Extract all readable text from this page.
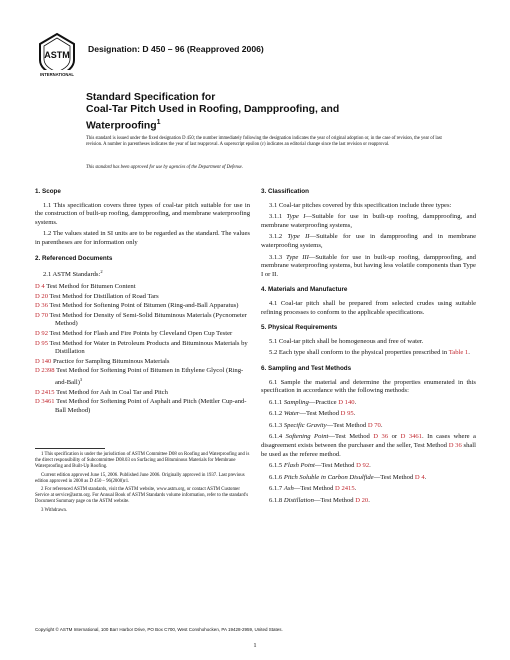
ASTM
INTERNATIONAL
Designation: D 450 – 96 (Reapproved 2006)
Standard Specification for
Coal-Tar Pitch Used in Roofing, Dampproofing, and
Waterproofing$^1$
This standard is issued under the fixed designation D 450; the number immediately following the designation indicates the year of original adoption or, in the case of revision, the year of last revision. A number in parentheses indicates the year of last reapproval. A superscript epsilon (ε) indicates an editorial change since the last revision or reapproval.
This standard has been approved for use by agencies of the Department of Defense.
1. Scope

1.1 This specification covers three types of coal-tar pitch suitable for use in the construction of built-up roofing, dampproofing, and membrane waterproofing systems.

1.2 The values stated in SI units are to be regarded as the standard. The values in parentheses are for information only

2. Referenced Documents

2.1 ASTM Standards:$^2$

D 4 Test Method for Bitumen Content
D 20 Test Method for Distillation of Road Tars
D 36 Test Method for Softening Point of Bitumen (Ring-and-Ball Apparatus)
D 70 Test Method for Density of Semi-Solid Bituminous Materials (Pycnometer Method)
D 92 Test Method for Flash and Fire Points by Cleveland Open Cup Tester
D 95 Test Method for Water in Petroleum Products and Bituminous Materials by Distillation
D 140 Practice for Sampling Bituminous Materials
D 2398 Test Method for Softening Point of Bitumen in Ethylene Glycol (Ring-and-Ball)$^3$
D 2415 Test Method for Ash in Coal Tar and Pitch
D 3461 Test Method for Softening Point of Asphalt and Pitch (Mettler Cup-and-Ball Method)
3. Classification

3.1 Coal-tar pitches covered by this specification include three types:

3.1.1 Type I—Suitable for use in built-up roofing, dampproofing, and membrane waterproofing systems,

3.1.2 Type II—Suitable for use in dampproofing and in membrane waterproofing systems,

3.1.3 Type III—Suitable for use in built-up roofing, dampproofing, and membrane waterproofing systems, but having less volatile components than Type I or II.

4. Materials and Manufacture

4.1 Coal-tar pitch shall be prepared from selected crudes using suitable refining processes to conform to the applicable specifications.

5. Physical Requirements

5.1 Coal-tar pitch shall be homogeneous and free of water.

5.2 Each type shall conform to the physical properties prescribed in Table 1.

6. Sampling and Test Methods

6.1 Sample the material and determine the properties enumerated in this specification in accordance with the following methods:

6.1.1 Sampling—Practice D 140.

6.1.2 Water—Test Method D 95.

6.1.3 Specific Gravity—Test Method D 70.

6.1.4 Softening Point—Test Method D 36 or D 3461. In cases where a disagreement exists between the purchaser and the seller, Test Method D 36 shall be used as the referee method.

6.1.5 Flash Point—Test Method D 92.

6.1.6 Pitch Soluble in Carbon Disulfide—Test Method D 4.

6.1.7 Ash—Test Method D 2415.

6.1.8 Distillation—Test Method D 20.

1 This specification is under the jurisdiction of ASTM Committee D08 on Roofing and Waterproofing and is the direct responsibility of Subcommittee D08.03 on Surfacing and Bituminous Materials for Membrane Waterproofing and Built-Up Roofing.

Current edition approved June 15, 2006. Published June 2006. Originally approved in 1937. Last previous edition approved in 2000 as D 450 – 96(2000)ε1.

2 For referenced ASTM standards, visit the ASTM website, www.astm.org, or contact ASTM Customer Service at service@astm.org. For Annual Book of ASTM Standards volume information, refer to the standard's Document Summary page on the ASTM website.

3 Withdrawn.

Copyright © ASTM International, 100 Barr Harbor Drive, PO Box C700, West Conshohocken, PA 19428-2959, United States.
1
